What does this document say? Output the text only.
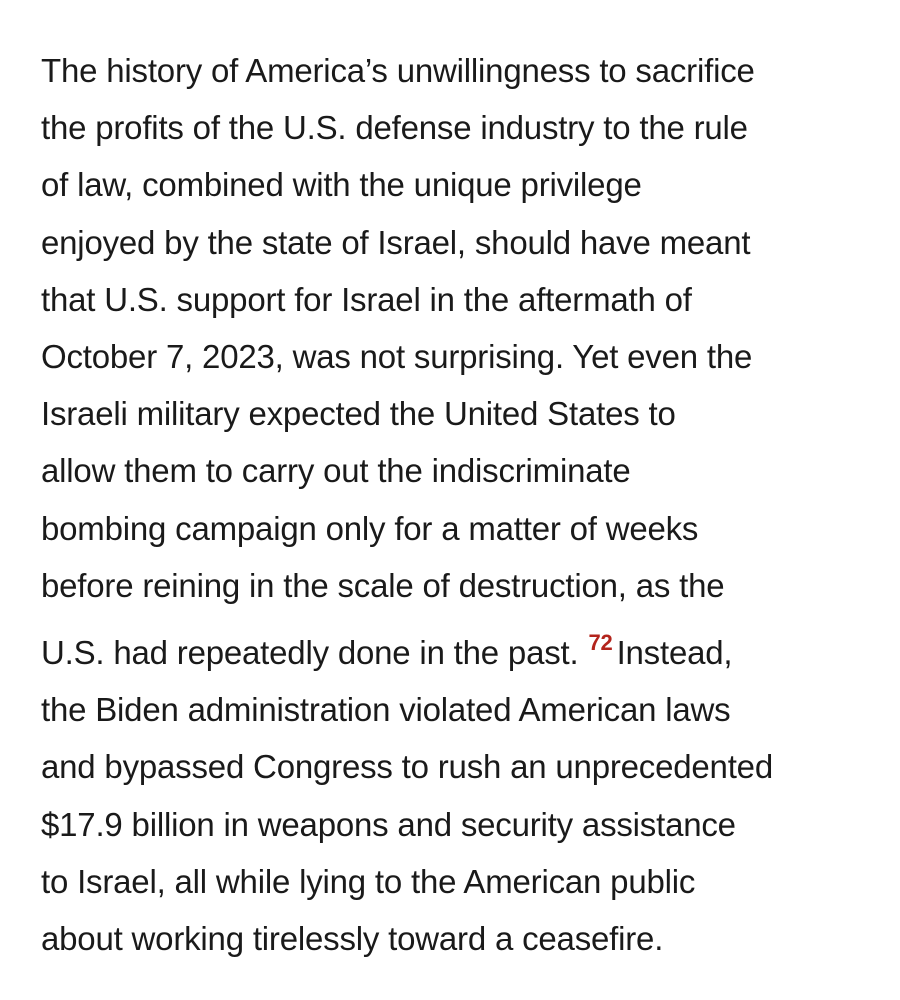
The history of America’s unwillingness to sacrifice
the profits of the U.S. defense industry to the rule
of law, combined with the unique privilege
enjoyed by the state of Israel, should have meant
that U.S. support for Israel in the aftermath of
October 7, 2023, was not surprising. Yet even the
Israeli military expected the United States to
allow them to carry out the indiscriminate
bombing campaign only for a matter of weeks
before reining in the scale of destruction, as the
U.S. had repeatedly done in the past. $^{72}$ Instead,
the Biden administration violated American laws
and bypassed Congress to rush an unprecedented
$17.9 billion in weapons and security assistance
to Israel, all while lying to the American public
about working tirelessly toward a ceasefire.
